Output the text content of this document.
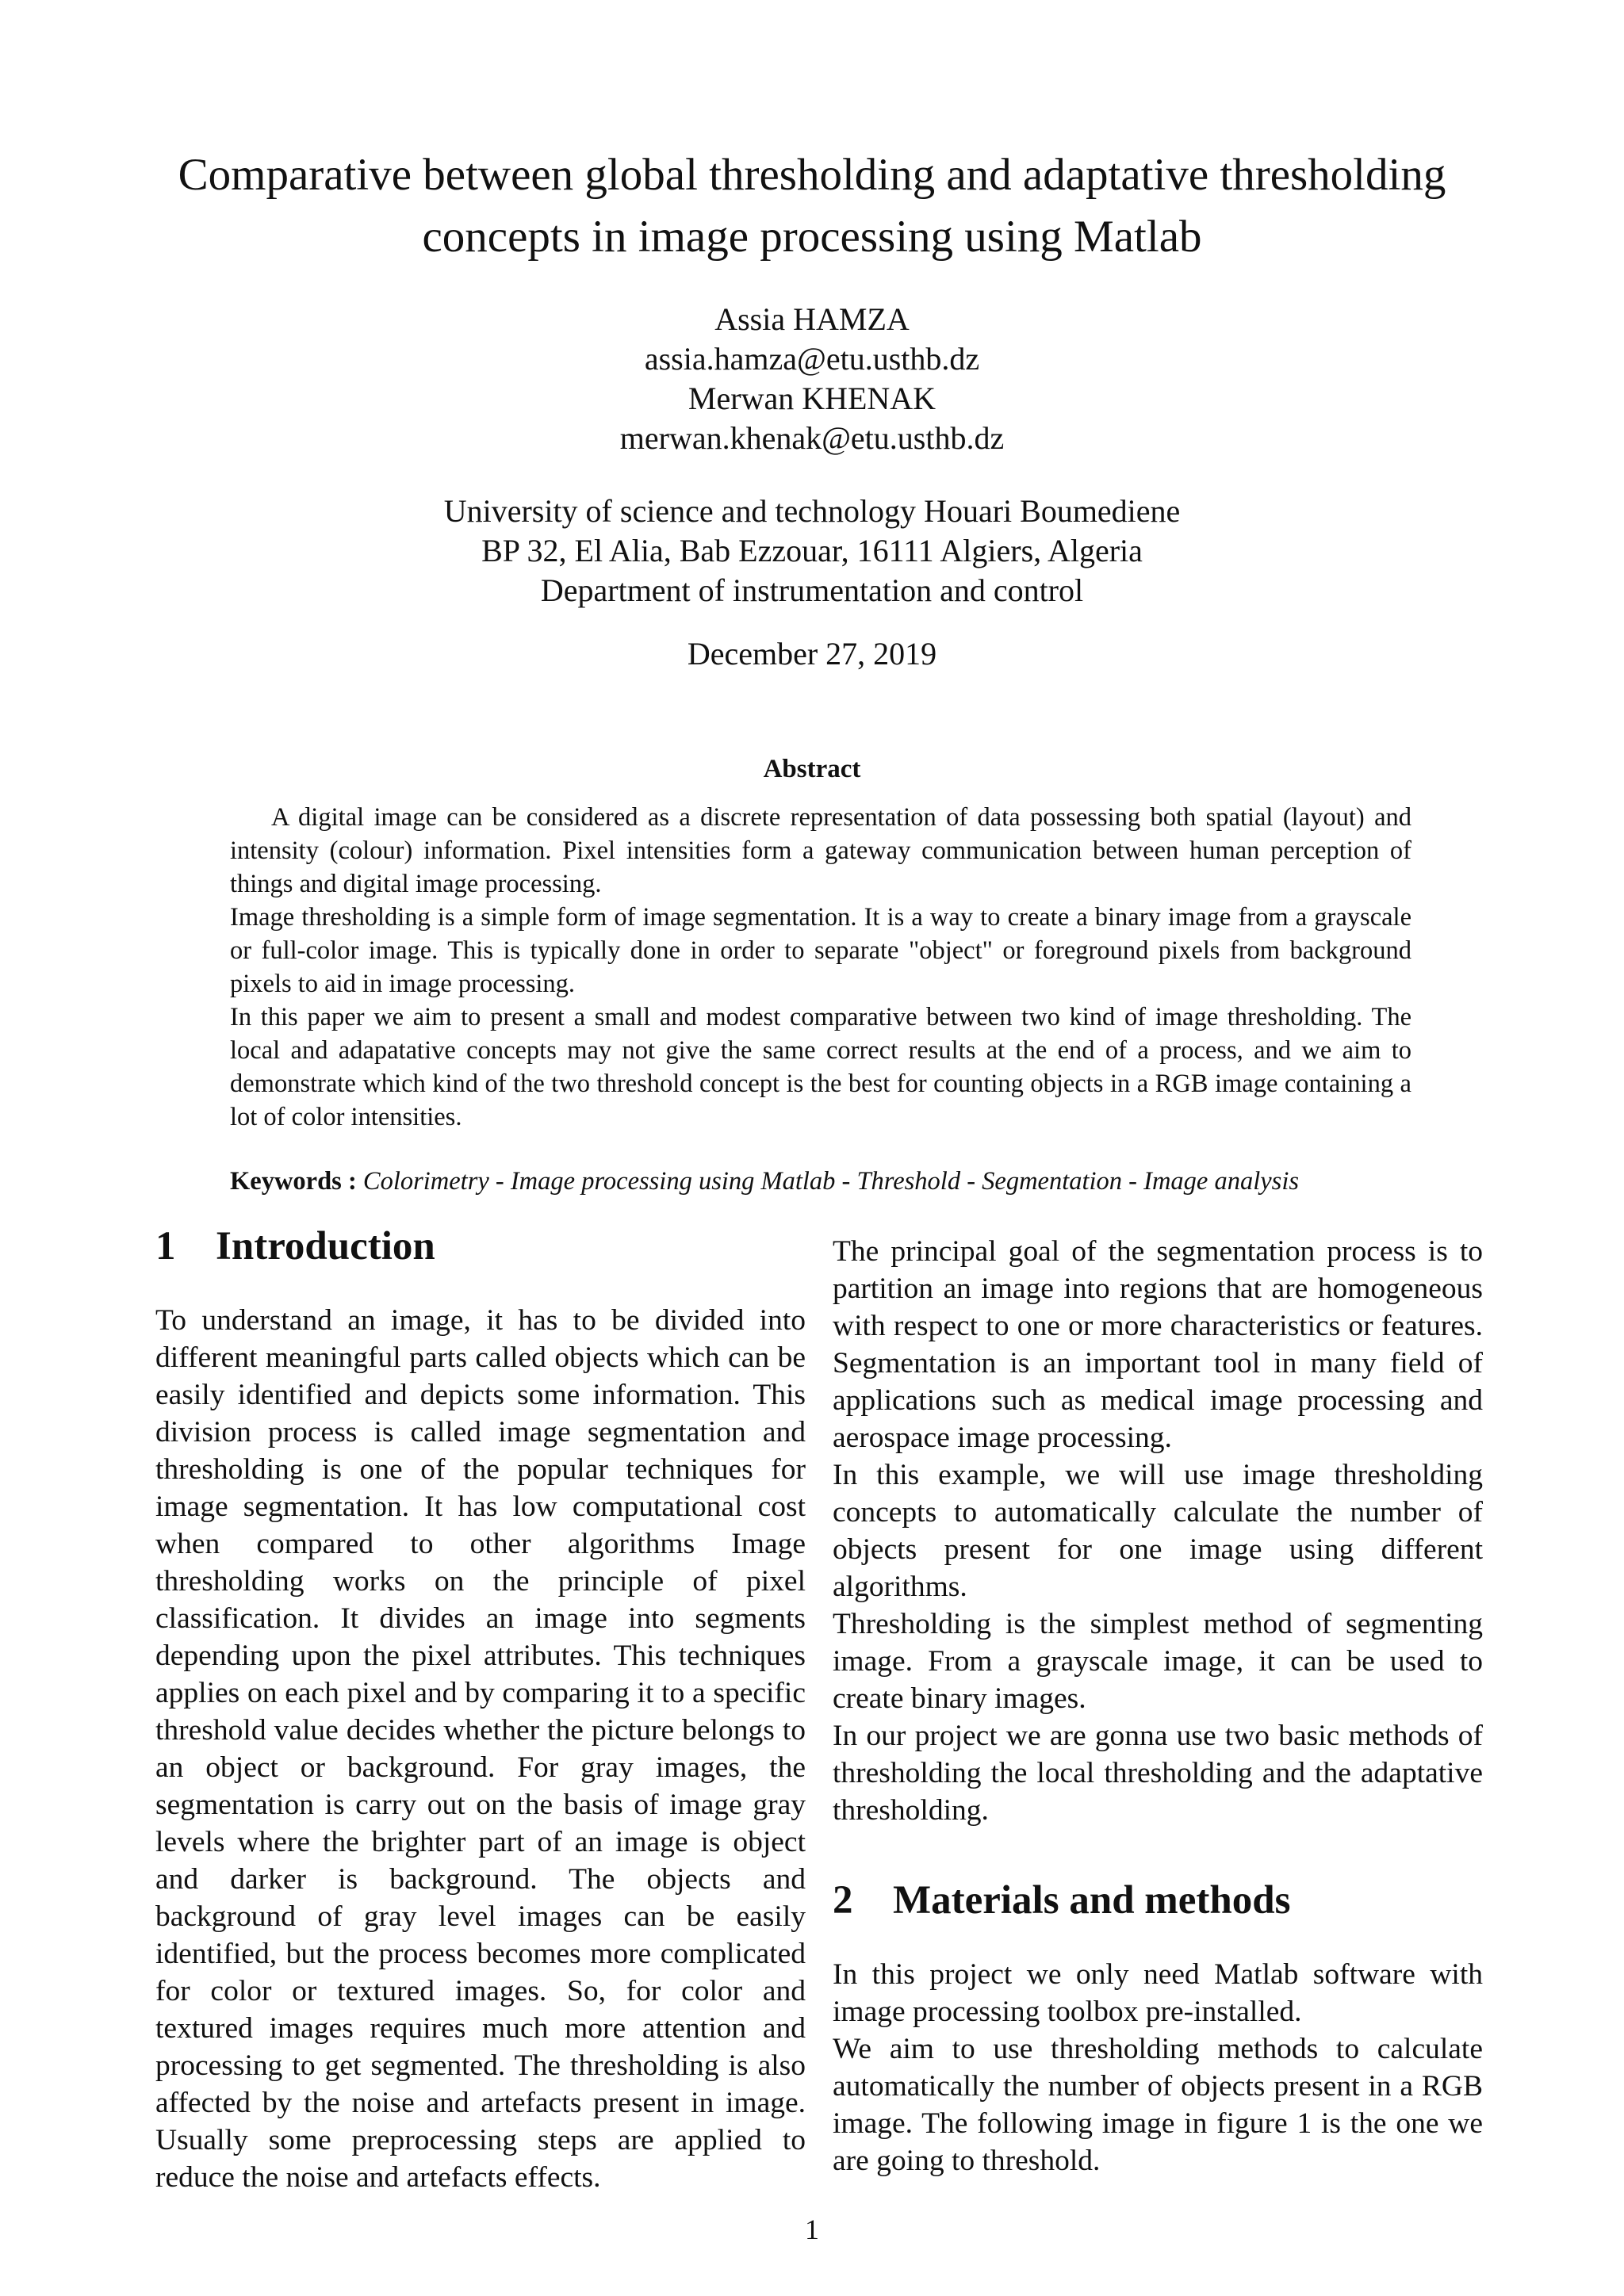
Comparative between global thresholding and adaptative thresholding concepts in image processing using Matlab
Assia HAMZA
assia.hamza@etu.usthb.dz
Merwan KHENAK
merwan.khenak@etu.usthb.dz
University of science and technology Houari Boumediene
BP 32, El Alia, Bab Ezzouar, 16111 Algiers, Algeria
Department of instrumentation and control
December 27, 2019
Abstract

A digital image can be considered as a discrete representation of data possessing both spatial (layout) and intensity (colour) information. Pixel intensities form a gateway communication between human perception of things and digital image processing.

Image thresholding is a simple form of image segmentation. It is a way to create a binary image from a grayscale or full-color image. This is typically done in order to separate "object" or foreground pixels from background pixels to aid in image processing.

In this paper we aim to present a small and modest comparative between two kind of image thresholding. The local and adapatative concepts may not give the same correct results at the end of a process, and we aim to demonstrate which kind of the two threshold concept is the best for counting objects in a RGB image containing a lot of color intensities.

Keywords : Colorimetry - Image processing using Matlab - Threshold - Segmentation - Image analysis
1 Introduction

To understand an image, it has to be divided into different meaningful parts called objects which can be easily identified and depicts some information. This division process is called image segmentation and thresholding is one of the popular techniques for image segmentation. It has low computational cost when compared to other algorithms Image thresholding works on the principle of pixel classification. It divides an image into segments depending upon the pixel attributes. This techniques applies on each pixel and by comparing it to a specific threshold value decides whether the picture belongs to an object or background. For gray images, the segmentation is carry out on the basis of image gray levels where the brighter part of an image is object and darker is background. The objects and background of gray level images can be easily identified, but the process becomes more complicated for color or textured images. So, for color and textured images requires much more attention and processing to get segmented. The thresholding is also affected by the noise and artefacts present in image. Usually some preprocessing steps are applied to reduce the noise and artefacts effects.

The principal goal of the segmentation process is to partition an image into regions that are homogeneous with respect to one or more characteristics or features. Segmentation is an important tool in many field of applications such as medical image processing and aerospace image processing.

In this example, we will use image thresholding concepts to automatically calculate the number of objects present for one image using different algorithms.

Thresholding is the simplest method of segmenting image. From a grayscale image, it can be used to create binary images.

In our project we are gonna use two basic methods of thresholding the local thresholding and the adaptative thresholding.

2 Materials and methods

In this project we only need Matlab software with image processing toolbox pre-installed.

We aim to use thresholding methods to calculate automatically the number of objects present in a RGB image. The following image in figure 1 is the one we are going to threshold.

1
